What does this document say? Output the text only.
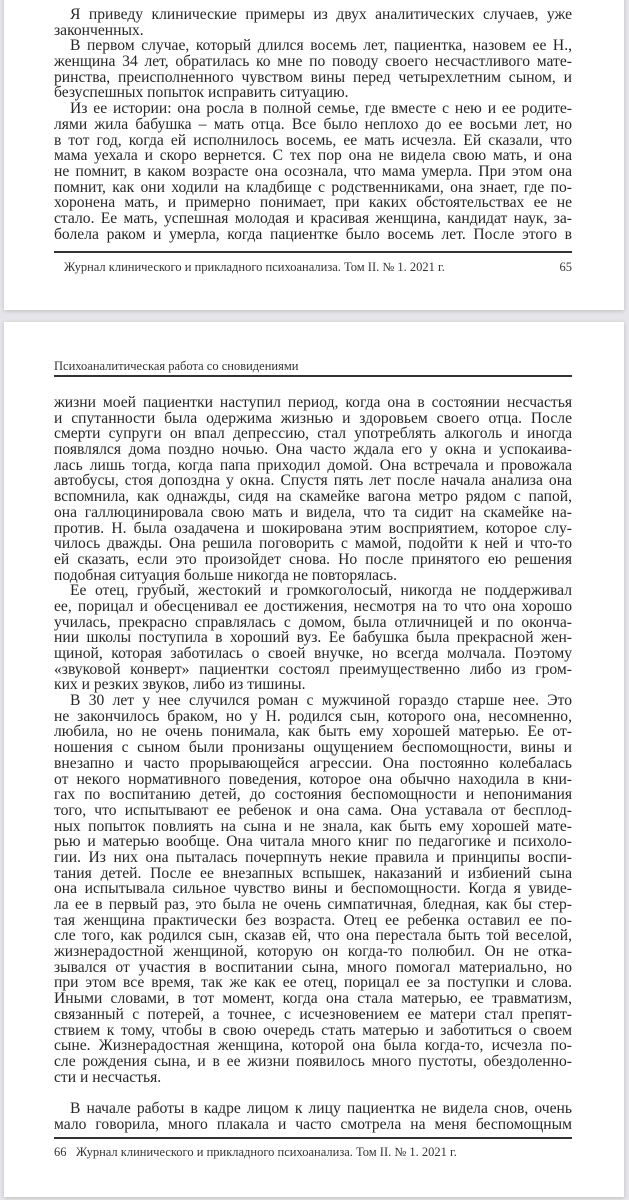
Я приведу клинические примеры из двух аналитических случаев, уже
законченных.
В первом случае, который длился восемь лет, пациентка, назовем ее Н.,
женщина 34 лет, обратилась ко мне по поводу своего несчастливого мате-
ринства, преисполненного чувством вины перед четырехлетним сыном, и
безуспешных попыток исправить ситуацию.
Из ее истории: она росла в полной семье, где вместе с нею и ее родите-
лями жила бабушка – мать отца. Все было неплохо до ее восьми лет, но
в тот год, когда ей исполнилось восемь, ее мать исчезла. Ей сказали, что
мама уехала и скоро вернется. С тех пор она не видела свою мать, и она
не помнит, в каком возрасте она осознала, что мама умерла. При этом она
помнит, как они ходили на кладбище с родственниками, она знает, где по-
хоронена мать, и примерно понимает, при каких обстоятельствах ее не
стало. Ее мать, успешная молодая и красивая женщина, кандидат наук, за-
болела раком и умерла, когда пациентке было восемь лет. После этого в
Журнал клинического и прикладного психоанализа. Том II. № 1. 2021 г.	65
Психоаналитическая работа со сновидениями
жизни моей пациентки наступил период, когда она в состоянии несчастья
и спутанности была одержима жизнью и здоровьем своего отца. После
смерти супруги он впал депрессию, стал употреблять алкоголь и иногда
появлялся дома поздно ночью. Она часто ждала его у окна и успокаива-
лась лишь тогда, когда папа приходил домой. Она встречала и провожала
автобусы, стоя допоздна у окна. Спустя пять лет после начала анализа она
вспомнила, как однажды, сидя на скамейке вагона метро рядом с папой,
она галлюцинировала свою мать и видела, что та сидит на скамейке на-
против. Н. была озадачена и шокирована этим восприятием, которое слу-
чилось дважды. Она решила поговорить с мамой, подойти к ней и что-то
ей сказать, если это произойдет снова. Но после принятого ею решения
подобная ситуация больше никогда не повторялась.
Ее отец, грубый, жестокий и громкоголосый, никогда не поддерживал
ее, порицал и обесценивал ее достижения, несмотря на то что она хорошо
училась, прекрасно справлялась с домом, была отличницей и по оконча-
нии школы поступила в хороший вуз. Ее бабушка была прекрасной жен-
щиной, которая заботилась о своей внучке, но всегда молчала. Поэтому
«звуковой конверт» пациентки состоял преимущественно либо из гром-
ких и резких звуков, либо из тишины.
В 30 лет у нее случился роман с мужчиной гораздо старше нее. Это
не закончилось браком, но у Н. родился сын, которого она, несомненно,
любила, но не очень понимала, как быть ему хорошей матерью. Ее от-
ношения с сыном были пронизаны ощущением беспомощности, вины и
внезапно и часто прорывающейся агрессии. Она постоянно колебалась
от некого нормативного поведения, которое она обычно находила в кни-
гах по воспитанию детей, до состояния беспомощности и непонимания
того, что испытывают ее ребенок и она сама. Она уставала от бесплод-
ных попыток повлиять на сына и не знала, как быть ему хорошей мате-
рью и матерью вообще. Она читала много книг по педагогике и психоло-
гии. Из них она пыталась почерпнуть некие правила и принципы воспи-
тания детей. После ее внезапных вспышек, наказаний и избиений сына
она испытывала сильное чувство вины и беспомощности. Когда я увиде-
ла ее в первый раз, это была не очень симпатичная, бледная, как бы стер-
тая женщина практически без возраста. Отец ее ребенка оставил ее по-
сле того, как родился сын, сказав ей, что она перестала быть той веселой,
жизнерадостной женщиной, которую он когда-то полюбил. Он не отка-
зывался от участия в воспитании сына, много помогал материально, но
при этом все время, так же как ее отец, порицал ее за поступки и слова.
Иными словами, в тот момент, когда она стала матерью, ее травматизм,
связанный с потерей, а точнее, с исчезновением ее матери стал препят-
ствием к тому, чтобы в свою очередь стать матерью и заботиться о своем
сыне. Жизнерадостная женщина, которой она была когда-то, исчезла по-
сле рождения сына, и в ее жизни появилось много пустоты, обездоленно-
сти и несчастья.
В начале работы в кадре лицом к лицу пациентка не видела снов, очень
мало говорила, много плакала и часто смотрела на меня беспомощным
66 Журнал клинического и прикладного психоанализа. Том II. № 1. 2021 г.
